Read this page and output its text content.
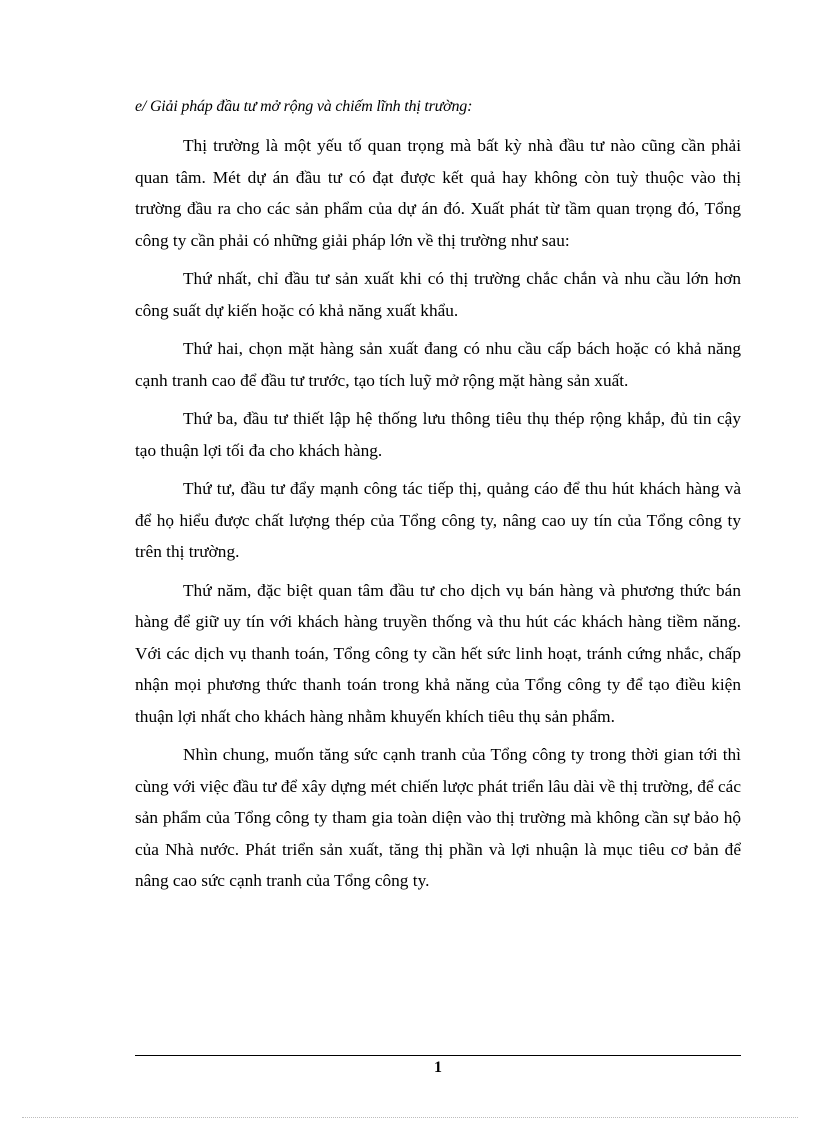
e/ Giải pháp đầu tư mở rộng và chiếm lĩnh thị trường:

Thị trường là một yếu tố quan trọng mà bất kỳ nhà đầu tư nào cũng cần phải quan tâm. Mét dự án đầu tư có đạt được kết quả hay không còn tuỳ thuộc vào thị trường đầu ra cho các sản phẩm của dự án đó. Xuất phát từ tầm quan trọng đó, Tổng công ty cần phải có những giải pháp lớn về thị trường như sau:

Thứ nhất, chỉ đầu tư sản xuất khi có thị trường chắc chắn và nhu cầu lớn hơn công suất dự kiến hoặc có khả năng xuất khẩu.

Thứ hai, chọn mặt hàng sản xuất đang có nhu cầu cấp bách hoặc có khả năng cạnh tranh cao để đầu tư trước, tạo tích luỹ mở rộng mặt hàng sản xuất.

Thứ ba, đầu tư thiết lập hệ thống lưu thông tiêu thụ thép rộng khắp, đủ tin cậy tạo thuận lợi tối đa cho khách hàng.

Thứ tư, đầu tư đẩy mạnh công tác tiếp thị, quảng cáo để thu hút khách hàng và để họ hiểu được chất lượng thép của Tổng công ty, nâng cao uy tín của Tổng công ty trên thị trường.

Thứ năm, đặc biệt quan tâm đầu tư cho dịch vụ bán hàng và phương thức bán hàng để giữ uy tín với khách hàng truyền thống và thu hút các khách hàng tiềm năng. Với các dịch vụ thanh toán, Tổng công ty cần hết sức linh hoạt, tránh cứng nhắc, chấp nhận mọi phương thức thanh toán trong khả năng của Tổng công ty để tạo điều kiện thuận lợi nhất cho khách hàng nhằm khuyến khích tiêu thụ sản phẩm.

Nhìn chung, muốn tăng sức cạnh tranh của Tổng công ty trong thời gian tới thì cùng với việc đầu tư để xây dựng mét chiến lược phát triển lâu dài về thị trường, để các sản phẩm của Tổng công ty tham gia toàn diện vào thị trường mà không cần sự bảo hộ của Nhà nước. Phát triển sản xuất, tăng thị phần và lợi nhuận là mục tiêu cơ bản để nâng cao sức cạnh tranh của Tổng công ty.

1
